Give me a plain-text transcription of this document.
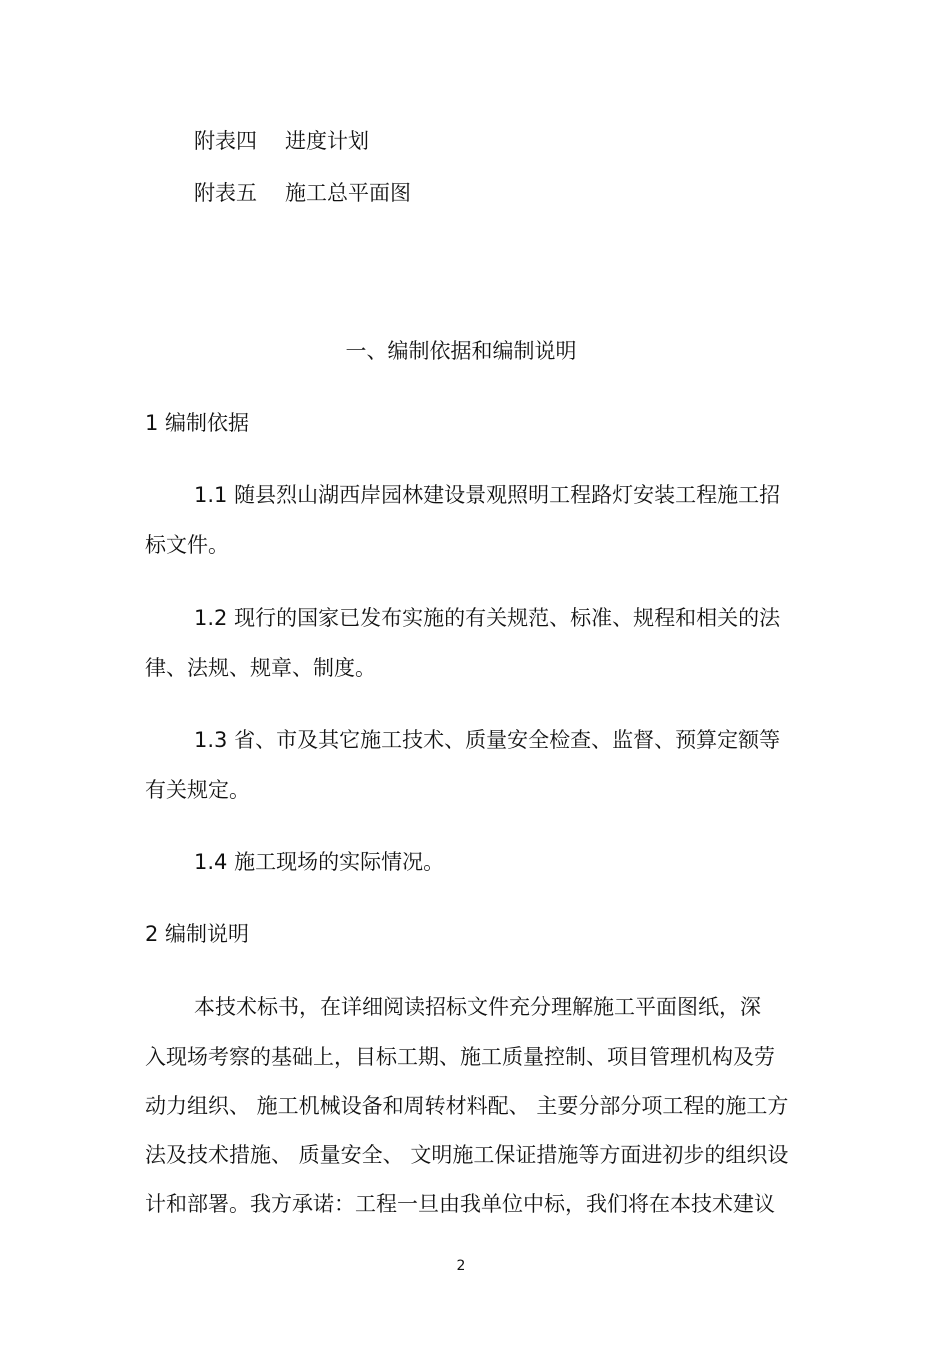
附表四 进度计划
附表五 施工总平面图
一、编制依据和编制说明
1 编制依据
1.1 随县烈山湖西岸园林建设景观照明工程路灯安装工程施工招
标文件。
1.2 现行的国家已发布实施的有关规范、标准、规程和相关的法
律、法规、规章、制度。
1.3 省、市及其它施工技术、质量安全检查、监督、预算定额等
有关规定。
1.4 施工现场的实际情况。
2 编制说明
本技术标书，在详细阅读招标文件充分理解施工平面图纸，深
入现场考察的基础上，目标工期、施工质量控制、项目管理机构及劳
动力组织、 施工机械设备和周转材料配、 主要分部分项工程的施工方
法及技术措施、 质量安全、 文明施工保证措施等方面进初步的组织设
计和部署。我方承诺：工程一旦由我单位中标，我们将在本技术建议
2
